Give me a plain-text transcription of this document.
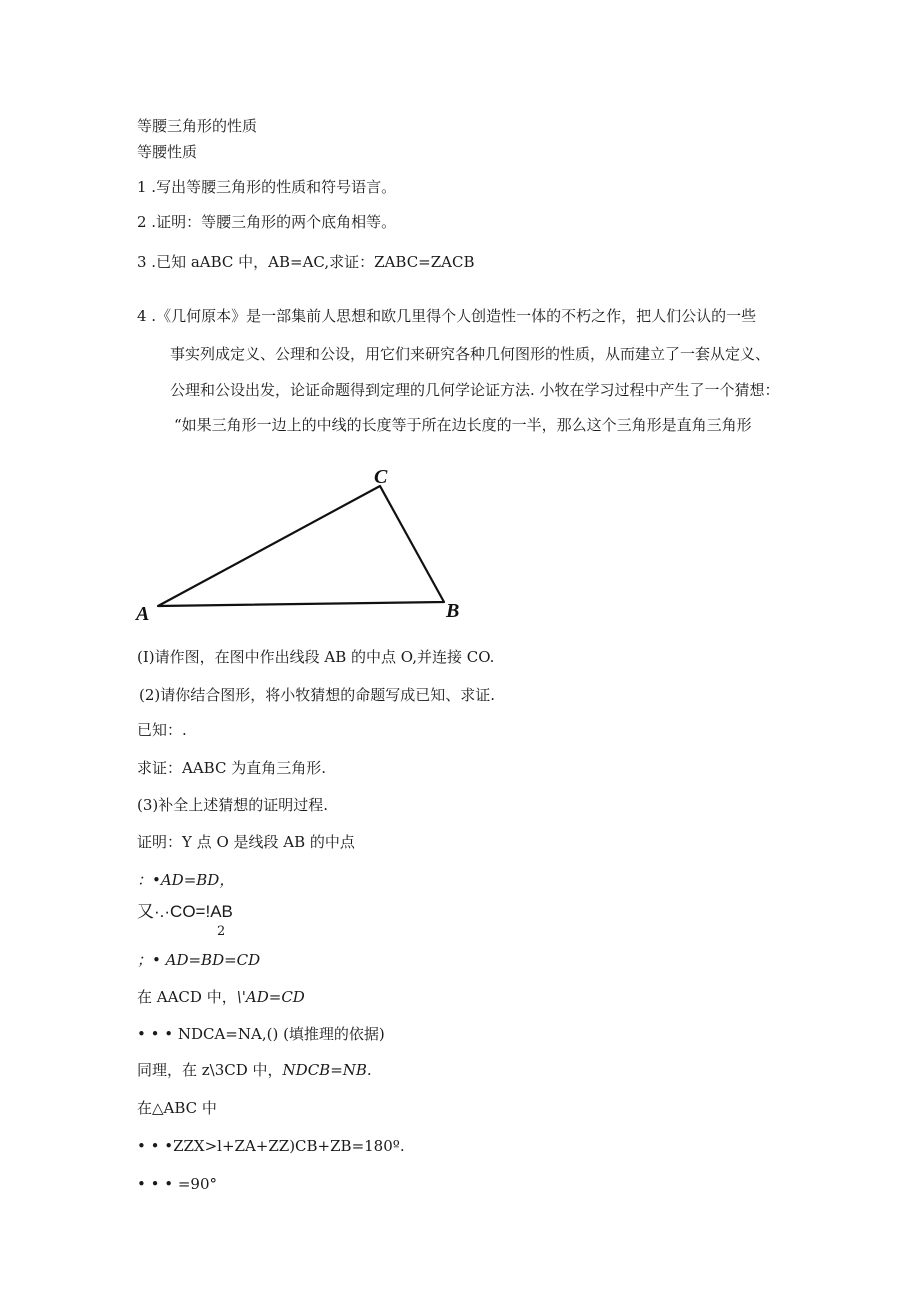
等腰三角形的性质
等腰性质
1 .写出等腰三角形的性质和符号语言。
2 .证明：等腰三角形的两个底角相等。
3 .已知 aABC 中，AB=AC,求证：ZABC=ZACB
4 .《几何原本》是一部集前人思想和欧几里得个人创造性一体的不朽之作，把人们公认的一些
事实列成定义、公理和公设，用它们来研究各种几何图形的性质，从而建立了一套从定义、
公理和公设出发，论证命题得到定理的几何学论证方法. 小牧在学习过程中产生了一个猜想：
“如果三角形一边上的中线的长度等于所在边长度的一半，那么这个三角形是直角三角形
A	B
C
(I)请作图，在图中作出线段 AB 的中点 O,并连接 CO.
(2)请你结合图形，将小牧猜想的命题写成已知、求证.
已知：.
求证：AABC 为直角三角形.
(3)补全上述猜想的证明过程.
证明：Y 点 O 是线段 AB 的中点
：•AD=BD，
又·.·CO=!AB
2
；• AD=BD=CD
在 AACD 中，\'AD=CD
• • • NDCA=NA,() (填推理的依据)
同理，在 z\3CD 中，NDCB=NB.
在△ABC 中
• • •ZZX>l+ZA+ZZ)CB+ZB=180º.
• • • =90°
